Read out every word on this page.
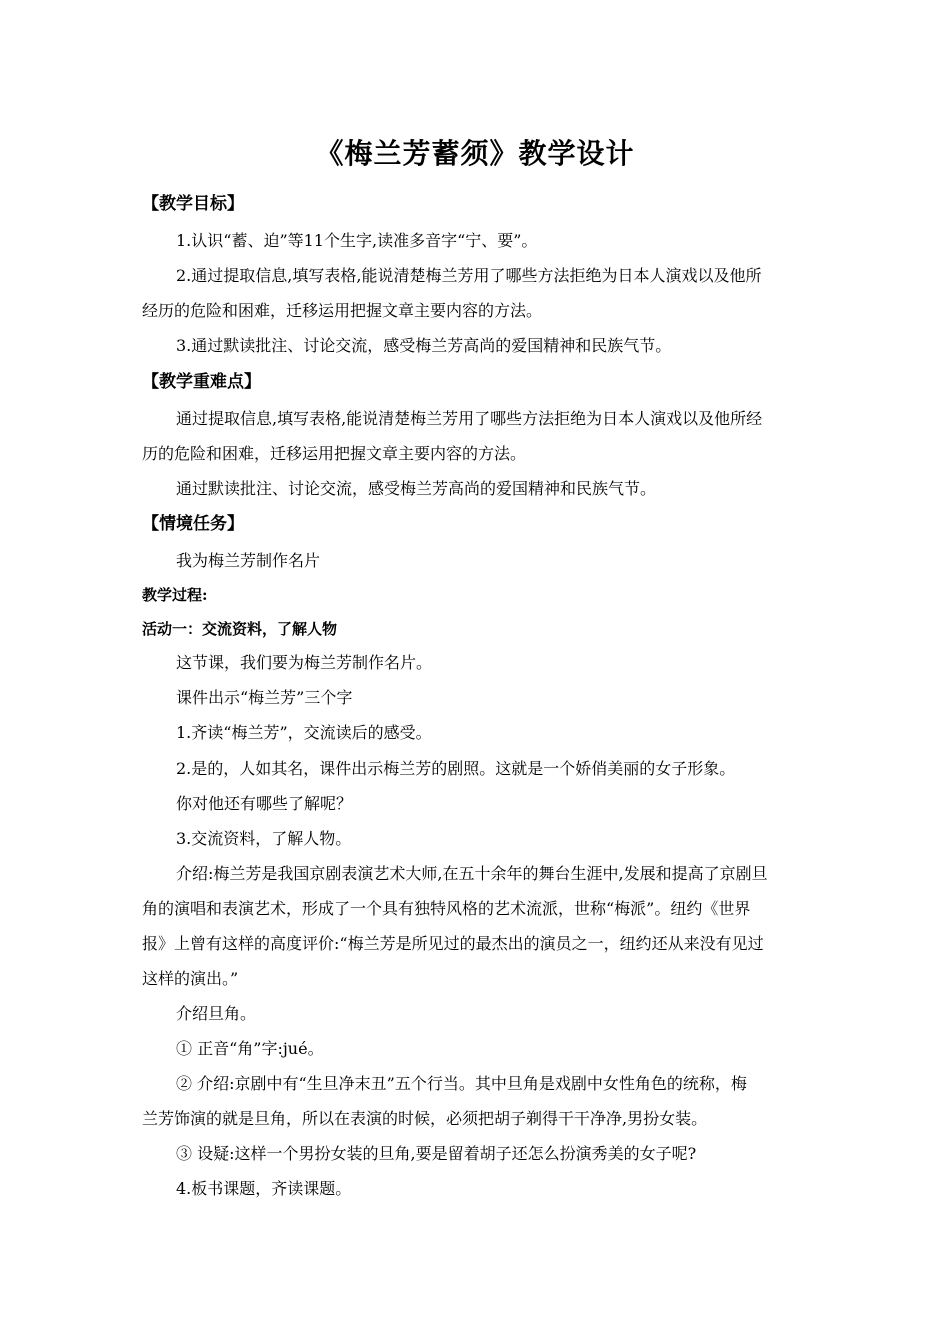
《梅兰芳蓄须》教学设计
【教学目标】
1.认识“蓄、迫”等11个生字,读准多音字“宁、要”。
2.通过提取信息,填写表格,能说清楚梅兰芳用了哪些方法拒绝为日本人演戏以及他所
经历的危险和困难，迁移运用把握文章主要内容的方法。
3.通过默读批注、讨论交流，感受梅兰芳高尚的爱国精神和民族气节。
【教学重难点】
通过提取信息,填写表格,能说清楚梅兰芳用了哪些方法拒绝为日本人演戏以及他所经
历的危险和困难，迁移运用把握文章主要内容的方法。
通过默读批注、讨论交流，感受梅兰芳高尚的爱国精神和民族气节。
【情境任务】
我为梅兰芳制作名片
教学过程:
活动一：交流资料，了解人物
这节课，我们要为梅兰芳制作名片。
课件出示“梅兰芳”三个字
1.齐读“梅兰芳”，交流读后的感受。
2.是的，人如其名，课件出示梅兰芳的剧照。这就是一个娇俏美丽的女子形象。
你对他还有哪些了解呢？
3.交流资料，了解人物。
介绍:梅兰芳是我国京剧表演艺术大师,在五十余年的舞台生涯中,发展和提高了京剧旦
角的演唱和表演艺术，形成了一个具有独特风格的艺术流派，世称“梅派”。纽约《世界
报》上曾有这样的高度评价:“梅兰芳是所见过的最杰出的演员之一，纽约还从来没有见过
这样的演出。”
介绍旦角。
① 正音“角”字:jué。
② 介绍:京剧中有“生旦净末丑”五个行当。其中旦角是戏剧中女性角色的统称，梅
兰芳饰演的就是旦角，所以在表演的时候，必须把胡子剃得干干净净,男扮女装。
③ 设疑:这样一个男扮女装的旦角,要是留着胡子还怎么扮演秀美的女子呢?
4.板书课题，齐读课题。
